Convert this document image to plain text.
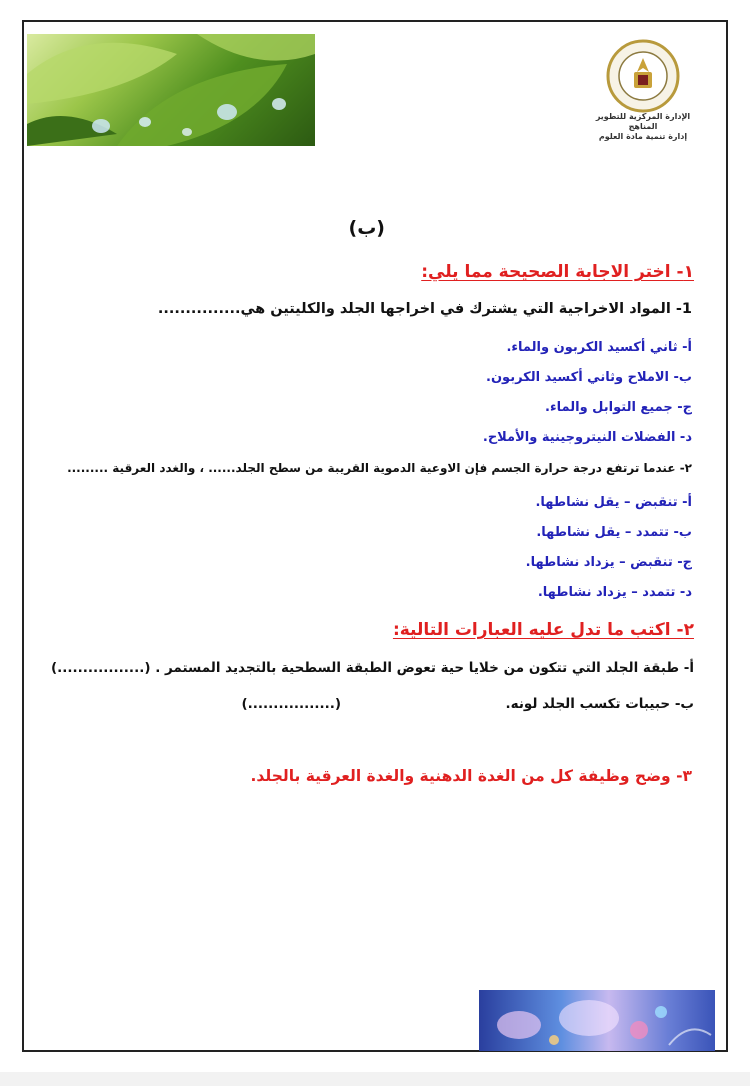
الإدارة المركزية للتطوير المناهج
إدارة تنمية مادة العلوم
(ب)
١- اختر الاجابة الصحيحة مما يلي:
1- المواد الاخراجية التي يشترك في اخراجها الجلد والكليتين هي...............
أ- ثاني أكسيد الكربون والماء.
ب- الاملاح وثاني أكسيد الكربون.
ج- جميع التوابل والماء.
د- الفضلات النيتروجينية والأملاح.
٢- عندما ترتفع درجة حرارة الجسم فإن الاوعية الدموية القريبة من سطح الجلد...... ، والغدد العرقية .........
أ- تنقبض – يقل نشاطها.
ب- تتمدد – يقل نشاطها.
ج- تنقبض – يزداد نشاطها.
د- تتمدد – يزداد نشاطها.
٢- اكتب ما تدل عليه العبارات التالية:
أ- طبقة الجلد التي تتكون من خلايا حية تعوض الطبقة السطحية بالتجديد المستمر . (.................)
ب- حبيبات تكسب الجلد لونه.                                   (.................)
٣- وضح وظيفة كل من الغدة الدهنية والغدة العرقية بالجلد.
